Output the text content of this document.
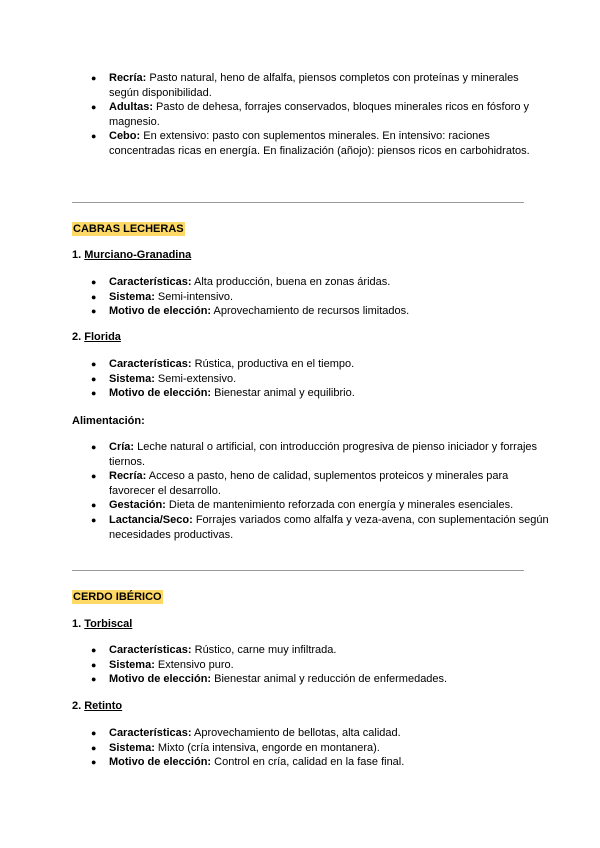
● Recría: Pasto natural, heno de alfalfa, piensos completos con proteínas y minerales según disponibilidad.
● Adultas: Pasto de dehesa, forrajes conservados, bloques minerales ricos en fósforo y magnesio.
● Cebo: En extensivo: pasto con suplementos minerales. En intensivo: raciones concentradas ricas en energía. En finalización (añojo): piensos ricos en carbohidratos.
CABRAS LECHERAS
1. Murciano-Granadina
● Características: Alta producción, buena en zonas áridas.
● Sistema: Semi-intensivo.
● Motivo de elección: Aprovechamiento de recursos limitados.
2. Florida
● Características: Rústica, productiva en el tiempo.
● Sistema: Semi-extensivo.
● Motivo de elección: Bienestar animal y equilibrio.
Alimentación:
● Cría: Leche natural o artificial, con introducción progresiva de pienso iniciador y forrajes tiernos.
● Recría: Acceso a pasto, heno de calidad, suplementos proteicos y minerales para favorecer el desarrollo.
● Gestación: Dieta de mantenimiento reforzada con energía y minerales esenciales.
● Lactancia/Seco: Forrajes variados como alfalfa y veza-avena, con suplementación según necesidades productivas.
CERDO IBÉRICO
1. Torbiscal
● Características: Rústico, carne muy infiltrada.
● Sistema: Extensivo puro.
● Motivo de elección: Bienestar animal y reducción de enfermedades.
2. Retinto
● Características: Aprovechamiento de bellotas, alta calidad.
● Sistema: Mixto (cría intensiva, engorde en montanera).
● Motivo de elección: Control en cría, calidad en la fase final.
